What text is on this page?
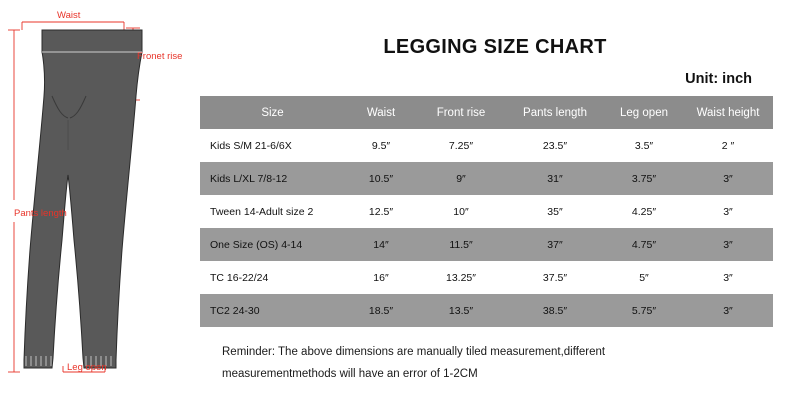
Waist
Fronet rise
Pants length
Leg open
LEGGING SIZE CHART
Unit: inch
Size	Waist	Front rise	Pants length	Leg open	Waist height
Kids S/M 21-6/6X	9.5″	7.25″	23.5″	3.5″	2 ″
Kids L/XL 7/8-12	10.5″	9″	31″	3.75″	3″
Tween 14-Adult size 2	12.5″	10″	35″	4.25″	3″
One Size (OS) 4-14	14″	11.5″	37″	4.75″	3″
TC 16-22/24	16″	13.25″	37.5″	5″	3″
TC2 24-30	18.5″	13.5″	38.5″	5.75″	3″
Reminder: The above dimensions are manually tiled measurement,different
measurementmethods will have an error of 1-2CM
